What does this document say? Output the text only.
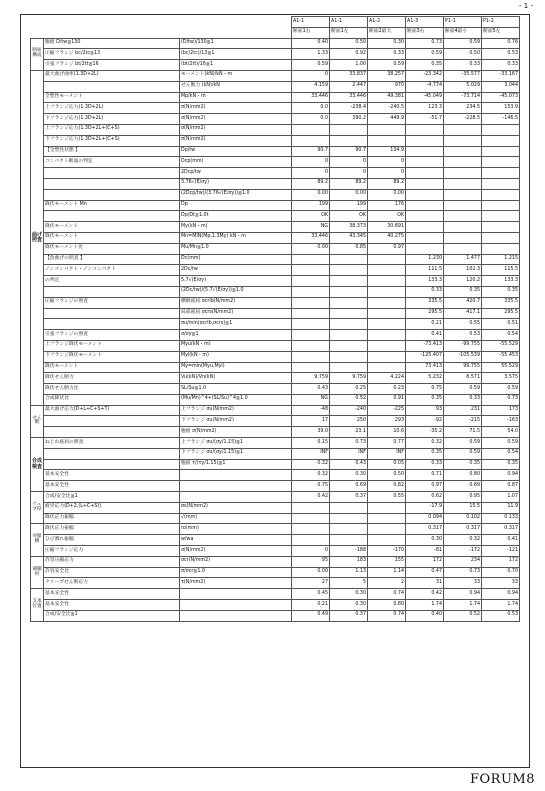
- 1 -
			A1-1	A1-1	A1-2	A1-3	P1-1	P1-2
			断面1右	断面1左	断面2最大	断面3右	断面4最小	断面5左
断面構成	腹板 D/tw≦130	(D/tw)/130≦1	0.40	0.50	0.30	0.73	0.59	0.76
	圧縮フランジ bc/2tc≦13	(bc/2tc)/13≦1	1.33	0.92	0.33	0.59	0.50	0.53
	引張フランジ bt/2tt≦16	(bt/2tt)/16≦1	0.59	1.00	0.59	0.35	0.33	0.33
曲げ照査	最大曲げ曲率(1.3D+2L)	モーメント(kN)/kN・m	0	33.837	38.257	-23.342	-35.577	-33.167
		せん断力 (kN)/kN	4.159	2.447	970	-4.774	5.029	3.044
	全塑性モーメント	Mp/kN・m	33.446	33.446	49.381	-45.049	-73.714	-45.073
	上フランジ応力(1.3D+2L)	σ(N/mm2)	0.0	-238.4	-240.5	123.3	234.5	153.9
	下フランジ応力(1.3D+2L)	σ(N/mm2)	0.0	390.2	449.9	-51.7	-228.5	-146.5
	上フランジ応力(1.3D+2L+(C+S)	σ(N/mm2)						
	下フランジ応力(1.3D+2L+(C+S)	σ(N/mm2)						
	【全塑性状態 】	Dp/tw	90.7	90.7	134.9			
	コンパクト断面の判定	Dcp(mm)	0	0	0			
		2Dcp/tw	0	0	0			
		3.76√(E/σy)	89.2	89.2	89.2			
		(2Dcp/tw)/(3.76√(E/σy))≦1.0	0.00	0.00	0.00			
	降伏モーメント Mn	Dp	199	199	176			
		Dp/Dt≦1.0t	OK	OK	OK			
	降伏モーメント	My(kN・m)	NG	38.373	30.891			
	降伏モーメント	Mn=MIN(Mp,1.3My) kN・m	33.446	43.345	40.275			
	降伏モーメント比	Mu/Mn≦1.0	0.00	0.85	0.97			
	【負曲げの照査 】	Dc(mm)				1.230	1.477	1.215
	ノンコンパクト・ノンコンパクト	2Dc/tw				111.5	102.3	115.5
	の判定	5.7√(E/σy)				133.3	120.2	133.3
		(2Dc/tw)/(5.7√(E/σy))≦1.0				0.33	0.35	0.35
	圧縮フランジの照査	横倒座屈 σcrlb(N/mm2)				335.5	420.7	335.5
		局部座屈 σcrs(N/mm2)				295.5	417.1	295.5
		σu/min(σcrlb,σcrs)≦1				0.21	0.55	0.51
	引張フランジの照査	σ/σy≦1				0.41	0.53	0.54
	上フランジ降伏モーメント	Myu(kN・m)				-73.413	-99.755	-55.529
	下フランジ降伏モーメント	Myl(kN・m)				-125.407	-105.539	-55.453
	降伏モーメント	My=min(Myu,Myl)				73.413	99.755	55.529
	降伏せん断力	Vu(kN)/Vn(kN)	9.759	9.759	4.224	5.232	8.571	3.575
	降伏せん断力比	SL/Su≦1.0	0.43	0.25	0.23	0.75	0.59	0.59
	合成降伏比	(Mu/Mn)^4+(SL/Su)^4≦1.0	NG	0.52	0.91	0.35	0.33	0.73
せん断	最大曲げ応力(D+L+C+S+T)	上フランジ σu(N/mm2)	-48	-240	-225	93	231	173
		下フランジ σu(N/mm2)	17	250	293	-92	-215	-163
		腹板 σ(N/mm2)	39.0	23.1	10.6	-35.2	71.5	54.0
合成検査	ねじれ座屈の照査	上フランジ σu/(σy/1.15)≦1	0.15	0.73	0.77	0.32	0.59	0.59
		下フランジ σu/(σy/1.15)≦1	INF	INF	INF	0.35	0.59	0.54
		腹板 τ/(τy/1.15)≦1	0.32	0.43	0.05	0.33	0.35	0.35
	基本安全性		0.32	0.30	0.50	0.71	0.80	0.94
	基本安全性		0.75	0.69	0.82	0.97	0.89	0.87
ウェブ厚	合成/安全比≦1		0.42	0.37	0.55	0.62	0.95	1.07
	疲労応力(D+2,(L+C+S))	σs(N/mm2)				-17.9	15.5	11.9
	降伏応力振幅	√(mm)				0.094	0.102	0.133
対傾構	降伏応力振幅	ro(mm)				0.317	0.317	0.317
	ひび割れ振幅	w/wa				0.30	0.32	0.41
	圧縮フランジ応力	σ(N/mm2)	0	-188	-170	-81	-172	-121
補剛材	許容圧縮応力	σcr(N/mm2)	95	183	155	172	234	172
	許容安全比	σ/σcr≦1.0	0.00	1.13	1.14	0.47	0.73	0.70
	クリープせん断応力	τ(N/mm2)	27	5	2	31	33	33
支承位置	基本安全性		0.45	0.30	0.74	0.42	0.94	0.94
	基本安全性		0.21	0.30	0.80	1.74	1.74	1.74
	合成/安全比≦1		0.49	0.37	0.74	0.40	0.52	0.53
FORUM8
